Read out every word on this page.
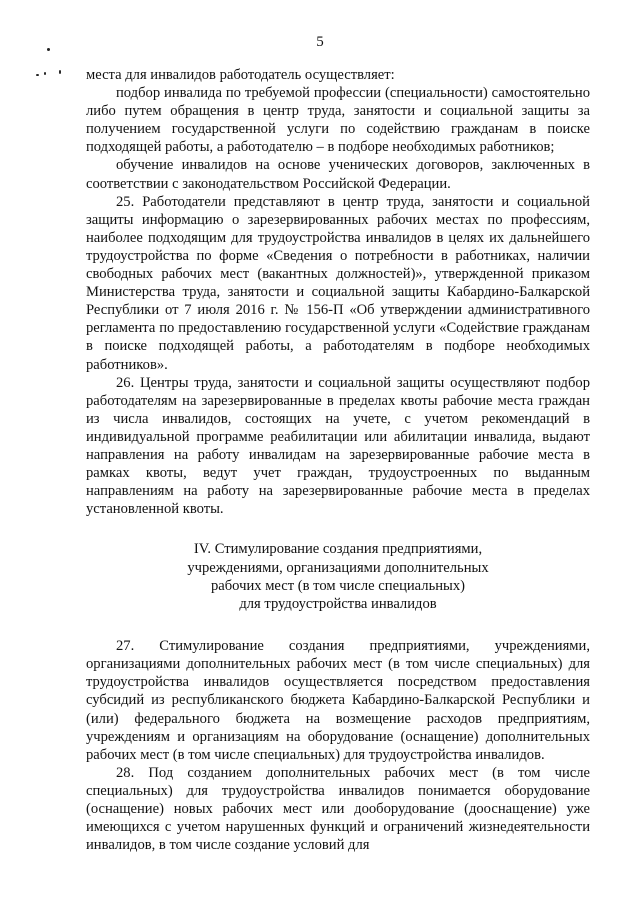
5

места для инвалидов работодатель осуществляет:

подбор инвалида по требуемой профессии (специальности) самостоятельно либо путем обращения в центр труда, занятости и социальной защиты за получением государственной услуги по содействию гражданам в поиске подходящей работы, а работодателю – в подборе необходимых работников;

обучение инвалидов на основе ученических договоров, заключенных в соответствии с законодательством Российской Федерации.

25. Работодатели представляют в центр труда, занятости и социальной защиты информацию о зарезервированных рабочих местах по профессиям, наиболее подходящим для трудоустройства инвалидов в целях их дальнейшего трудоустройства по форме «Сведения о потребности в работниках, наличии свободных рабочих мест (вакантных должностей)», утвержденной приказом Министерства труда, занятости и социальной защиты Кабардино-Балкарской Республики от 7 июля 2016 г. № 156-П «Об утверждении административного регламента по предоставлению государственной услуги «Содействие гражданам в поиске подходящей работы, а работодателям в подборе необходимых работников».

26. Центры труда, занятости и социальной защиты осуществляют подбор работодателям на зарезервированные в пределах квоты рабочие места граждан из числа инвалидов, состоящих на учете, с учетом рекомендаций в индивидуальной программе реабилитации или абилитации инвалида, выдают направления на работу инвалидам на зарезервированные рабочие места в рамках квоты, ведут учет граждан, трудоустроенных по выданным направлениям на работу на зарезервированные рабочие места в пределах установленной квоты.

IV. Стимулирование создания предприятиями,
учреждениями, организациями дополнительных
рабочих мест (в том числе специальных)
для трудоустройства инвалидов

27. Стимулирование создания предприятиями, учреждениями, организациями дополнительных рабочих мест (в том числе специальных) для трудоустройства инвалидов осуществляется посредством предоставления субсидий из республиканского бюджета Кабардино-Балкарской Республики и (или) федерального бюджета на возмещение расходов предприятиям, учреждениям и организациям на оборудование (оснащение) дополнительных рабочих мест (в том числе специальных) для трудоустройства инвалидов.

28. Под созданием дополнительных рабочих мест (в том числе специальных) для трудоустройства инвалидов понимается оборудование (оснащение) новых рабочих мест или дооборудование (дооснащение) уже имеющихся с учетом нарушенных функций и ограничений жизнедеятельности инвалидов, в том числе создание условий для
